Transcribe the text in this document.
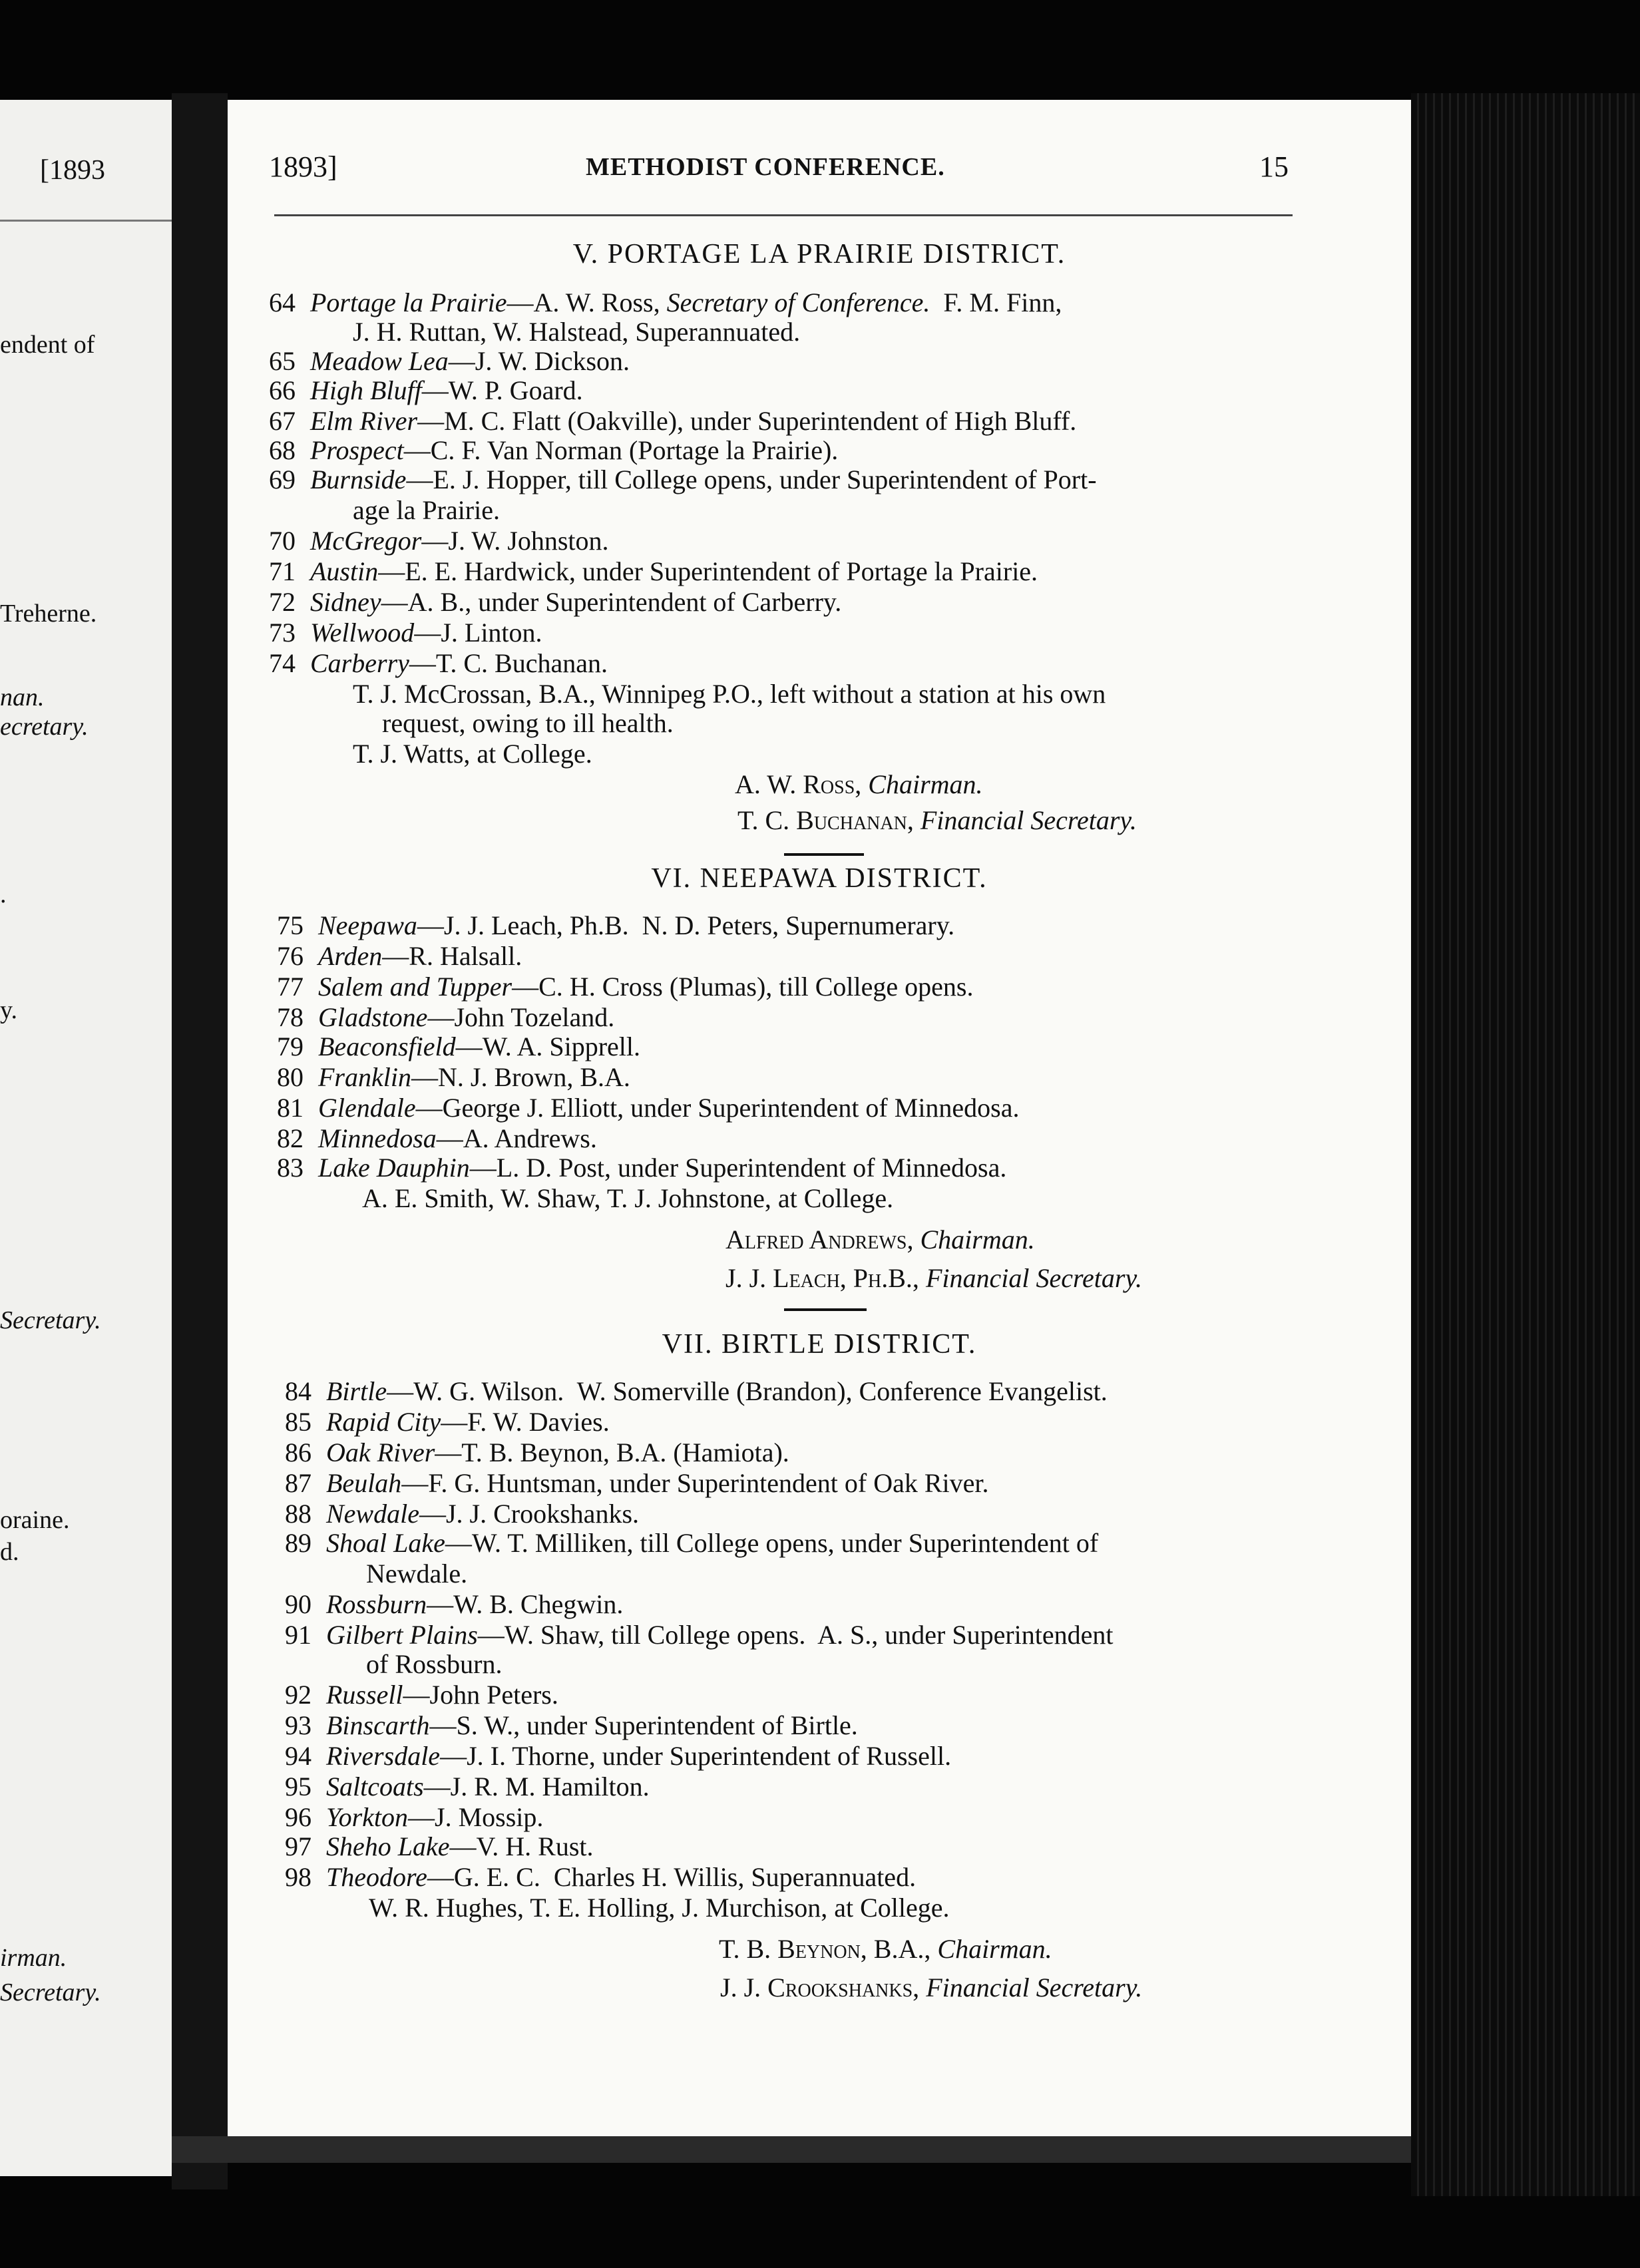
[1893
endent of
Treherne.
nan.
ecretary.
.
y.
Secretary.
oraine.
d.
irman.
Secretary.
1893]	METHODIST CONFERENCE.	15
V. PORTAGE LA PRAIRIE DISTRICT.
64 Portage la Prairie—A. W. Ross, Secretary of Conference.  F. M. Finn,
J. H. Ruttan, W. Halstead, Superannuated.
65 Meadow Lea—J. W. Dickson.
66 High Bluff—W. P. Goard.
67 Elm River—M. C. Flatt (Oakville), under Superintendent of High Bluff.
68 Prospect—C. F. Van Norman (Portage la Prairie).
69 Burnside—E. J. Hopper, till College opens, under Superintendent of Port-
age la Prairie.
70 McGregor—J. W. Johnston.
71 Austin—E. E. Hardwick, under Superintendent of Portage la Prairie.
72 Sidney—A. B., under Superintendent of Carberry.
73 Wellwood—J. Linton.
74 Carberry—T. C. Buchanan.
T. J. McCrossan, B.A., Winnipeg P.O., left without a station at his own
request, owing to ill health.
T. J. Watts, at College.
A. W. Ross, Chairman.
T. C. Buchanan, Financial Secretary.
VI. NEEPAWA DISTRICT.
75 Neepawa—J. J. Leach, Ph.B.  N. D. Peters, Supernumerary.
76 Arden—R. Halsall.
77 Salem and Tupper—C. H. Cross (Plumas), till College opens.
78 Gladstone—John Tozeland.
79 Beaconsfield—W. A. Sipprell.
80 Franklin—N. J. Brown, B.A.
81 Glendale—George J. Elliott, under Superintendent of Minnedosa.
82 Minnedosa—A. Andrews.
83 Lake Dauphin—L. D. Post, under Superintendent of Minnedosa.
A. E. Smith, W. Shaw, T. J. Johnstone, at College.
Alfred Andrews, Chairman.
J. J. Leach, Ph.B., Financial Secretary.
VII. BIRTLE DISTRICT.
84 Birtle—W. G. Wilson.  W. Somerville (Brandon), Conference Evangelist.
85 Rapid City—F. W. Davies.
86 Oak River—T. B. Beynon, B.A. (Hamiota).
87 Beulah—F. G. Huntsman, under Superintendent of Oak River.
88 Newdale—J. J. Crookshanks.
89 Shoal Lake—W. T. Milliken, till College opens, under Superintendent of
Newdale.
90 Rossburn—W. B. Chegwin.
91 Gilbert Plains—W. Shaw, till College opens.  A. S., under Superintendent
of Rossburn.
92 Russell—John Peters.
93 Binscarth—S. W., under Superintendent of Birtle.
94 Riversdale—J. I. Thorne, under Superintendent of Russell.
95 Saltcoats—J. R. M. Hamilton.
96 Yorkton—J. Mossip.
97 Sheho Lake—V. H. Rust.
98 Theodore—G. E. C.  Charles H. Willis, Superannuated.
W. R. Hughes, T. E. Holling, J. Murchison, at College.
T. B. Beynon, B.A., Chairman.
J. J. Crookshanks, Financial Secretary.
